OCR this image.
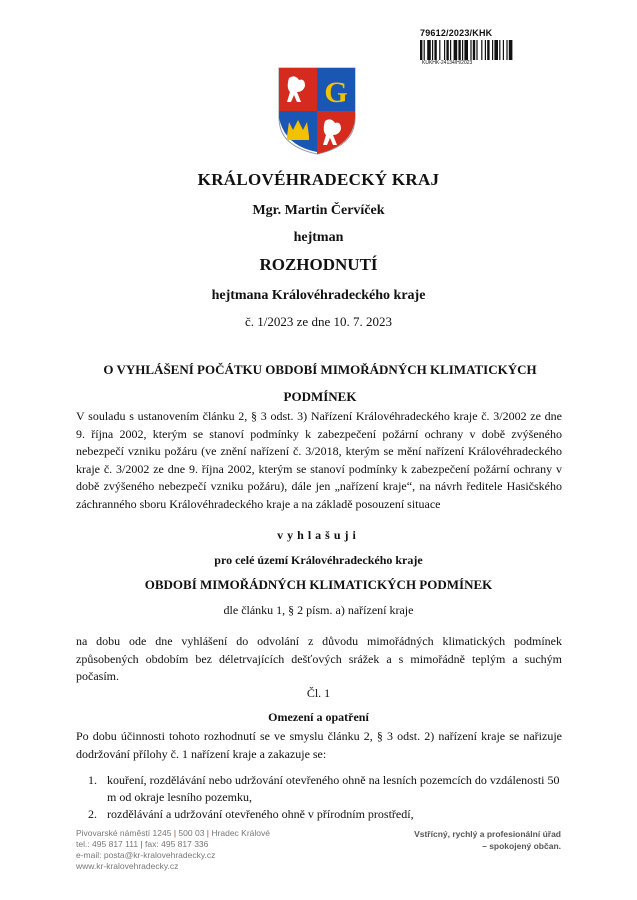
79612/2023/KHK
KUKHK-24134/H/2023
G
KRÁLOVÉHRADECKÝ KRAJ
Mgr. Martin Červíček
hejtman
ROZHODNUTÍ
hejtmana Královéhradeckého kraje
č. 1/2023 ze dne 10. 7. 2023
O VYHLÁŠENÍ POČÁTKU OBDOBÍ MIMOŘÁDNÝCH KLIMATICKÝCH PODMÍNEK
V souladu s ustanovením článku 2, § 3 odst. 3) Nařízení Královéhradeckého kraje č. 3/2002 ze dne 9. října 2002, kterým se stanoví podmínky k zabezpečení požární ochrany v době zvýšeného nebezpečí vzniku požáru (ve znění nařízení č. 3/2018, kterým se mění nařízení Královéhradeckého kraje č. 3/2002 ze dne 9. října 2002, kterým se stanoví podmínky k zabezpečení požární ochrany v době zvýšeného nebezpečí vzniku požáru), dále jen „nařízení kraje“, na návrh ředitele Hasičského záchranného sboru Královéhradeckého kraje a na základě posouzení situace
vyhlašuji
pro celé území Královéhradeckého kraje
OBDOBÍ MIMOŘÁDNÝCH KLIMATICKÝCH PODMÍNEK
dle článku 1, § 2 písm. a) nařízení kraje
na dobu ode dne vyhlášení do odvolání z důvodu mimořádných klimatických podmínek způsobených obdobím bez déletrvajících dešťových srážek a s mimořádně teplým a suchým počasím.
Čl. 1
Omezení a opatření
Po dobu účinnosti tohoto rozhodnutí se ve smyslu článku 2, § 3 odst. 2) nařízení kraje se nařizuje dodržování přílohy č. 1 nařízení kraje a zakazuje se:
1. kouření, rozdělávání nebo udržování otevřeného ohně na lesních pozemcích do vzdálenosti 50 m od okraje lesního pozemku,
2. rozdělávání a udržování otevřeného ohně v přírodním prostředí,
Pivovarské náměstí 1245 | 500 03 | Hradec Králové
tel.: 495 817 111 | fax: 495 817 336
e-mail: posta@kr-kralovehradecky.cz
www.kr-kralovehradecky.cz
Vstřícný, rychlý a profesionální úřad
– spokojený občan.
